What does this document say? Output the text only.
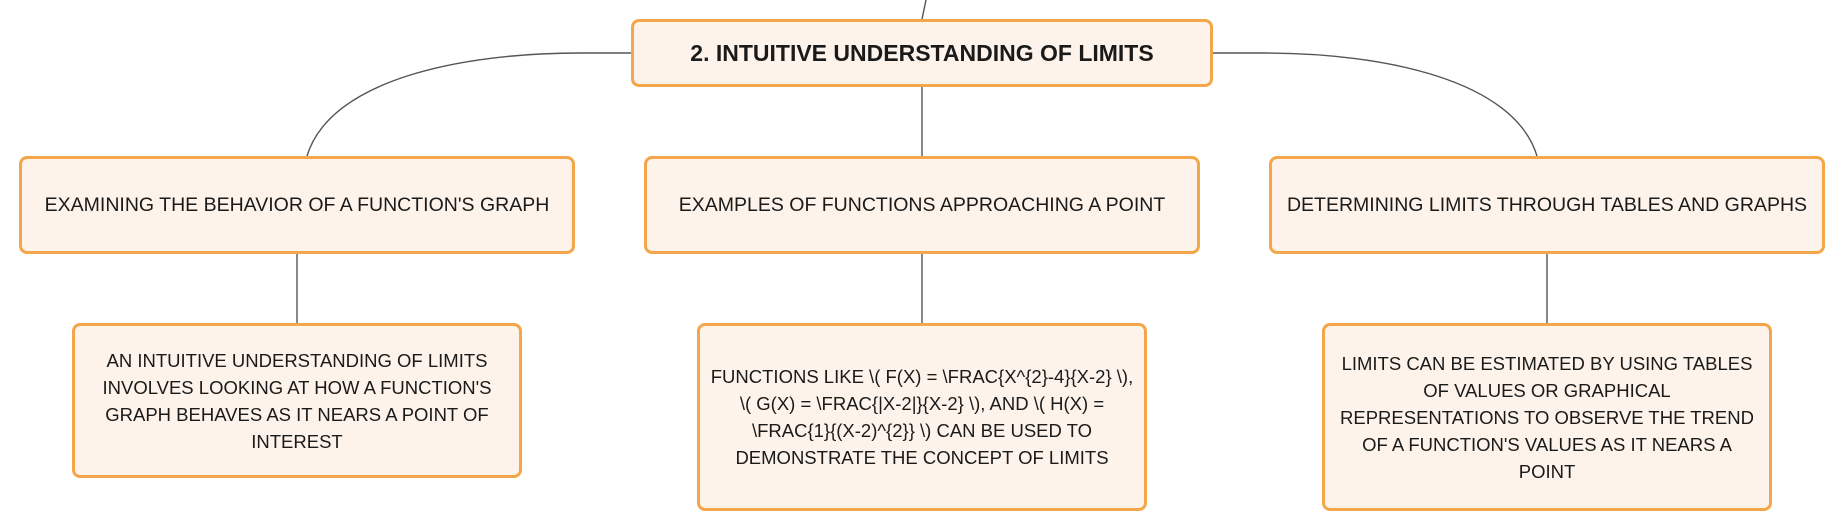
2. INTUITIVE UNDERSTANDING OF LIMITS
EXAMINING THE BEHAVIOR OF A FUNCTION'S GRAPH	EXAMPLES OF FUNCTIONS APPROACHING A POINT	DETERMINING LIMITS THROUGH TABLES AND GRAPHS
AN INTUITIVE UNDERSTANDING OF LIMITS INVOLVES LOOKING AT HOW A FUNCTION'S GRAPH BEHAVES AS IT NEARS A POINT OF INTEREST
FUNCTIONS LIKE \( F(X) = \FRAC{X^{2}-4}{X-2} \), \( G(X) = \FRAC{|X-2|}{X-2} \), AND \( H(X) = \FRAC{1}{(X-2)^{2}} \) CAN BE USED TO DEMONSTRATE THE CONCEPT OF LIMITS
LIMITS CAN BE ESTIMATED BY USING TABLES OF VALUES OR GRAPHICAL REPRESENTATIONS TO OBSERVE THE TREND OF A FUNCTION'S VALUES AS IT NEARS A POINT
